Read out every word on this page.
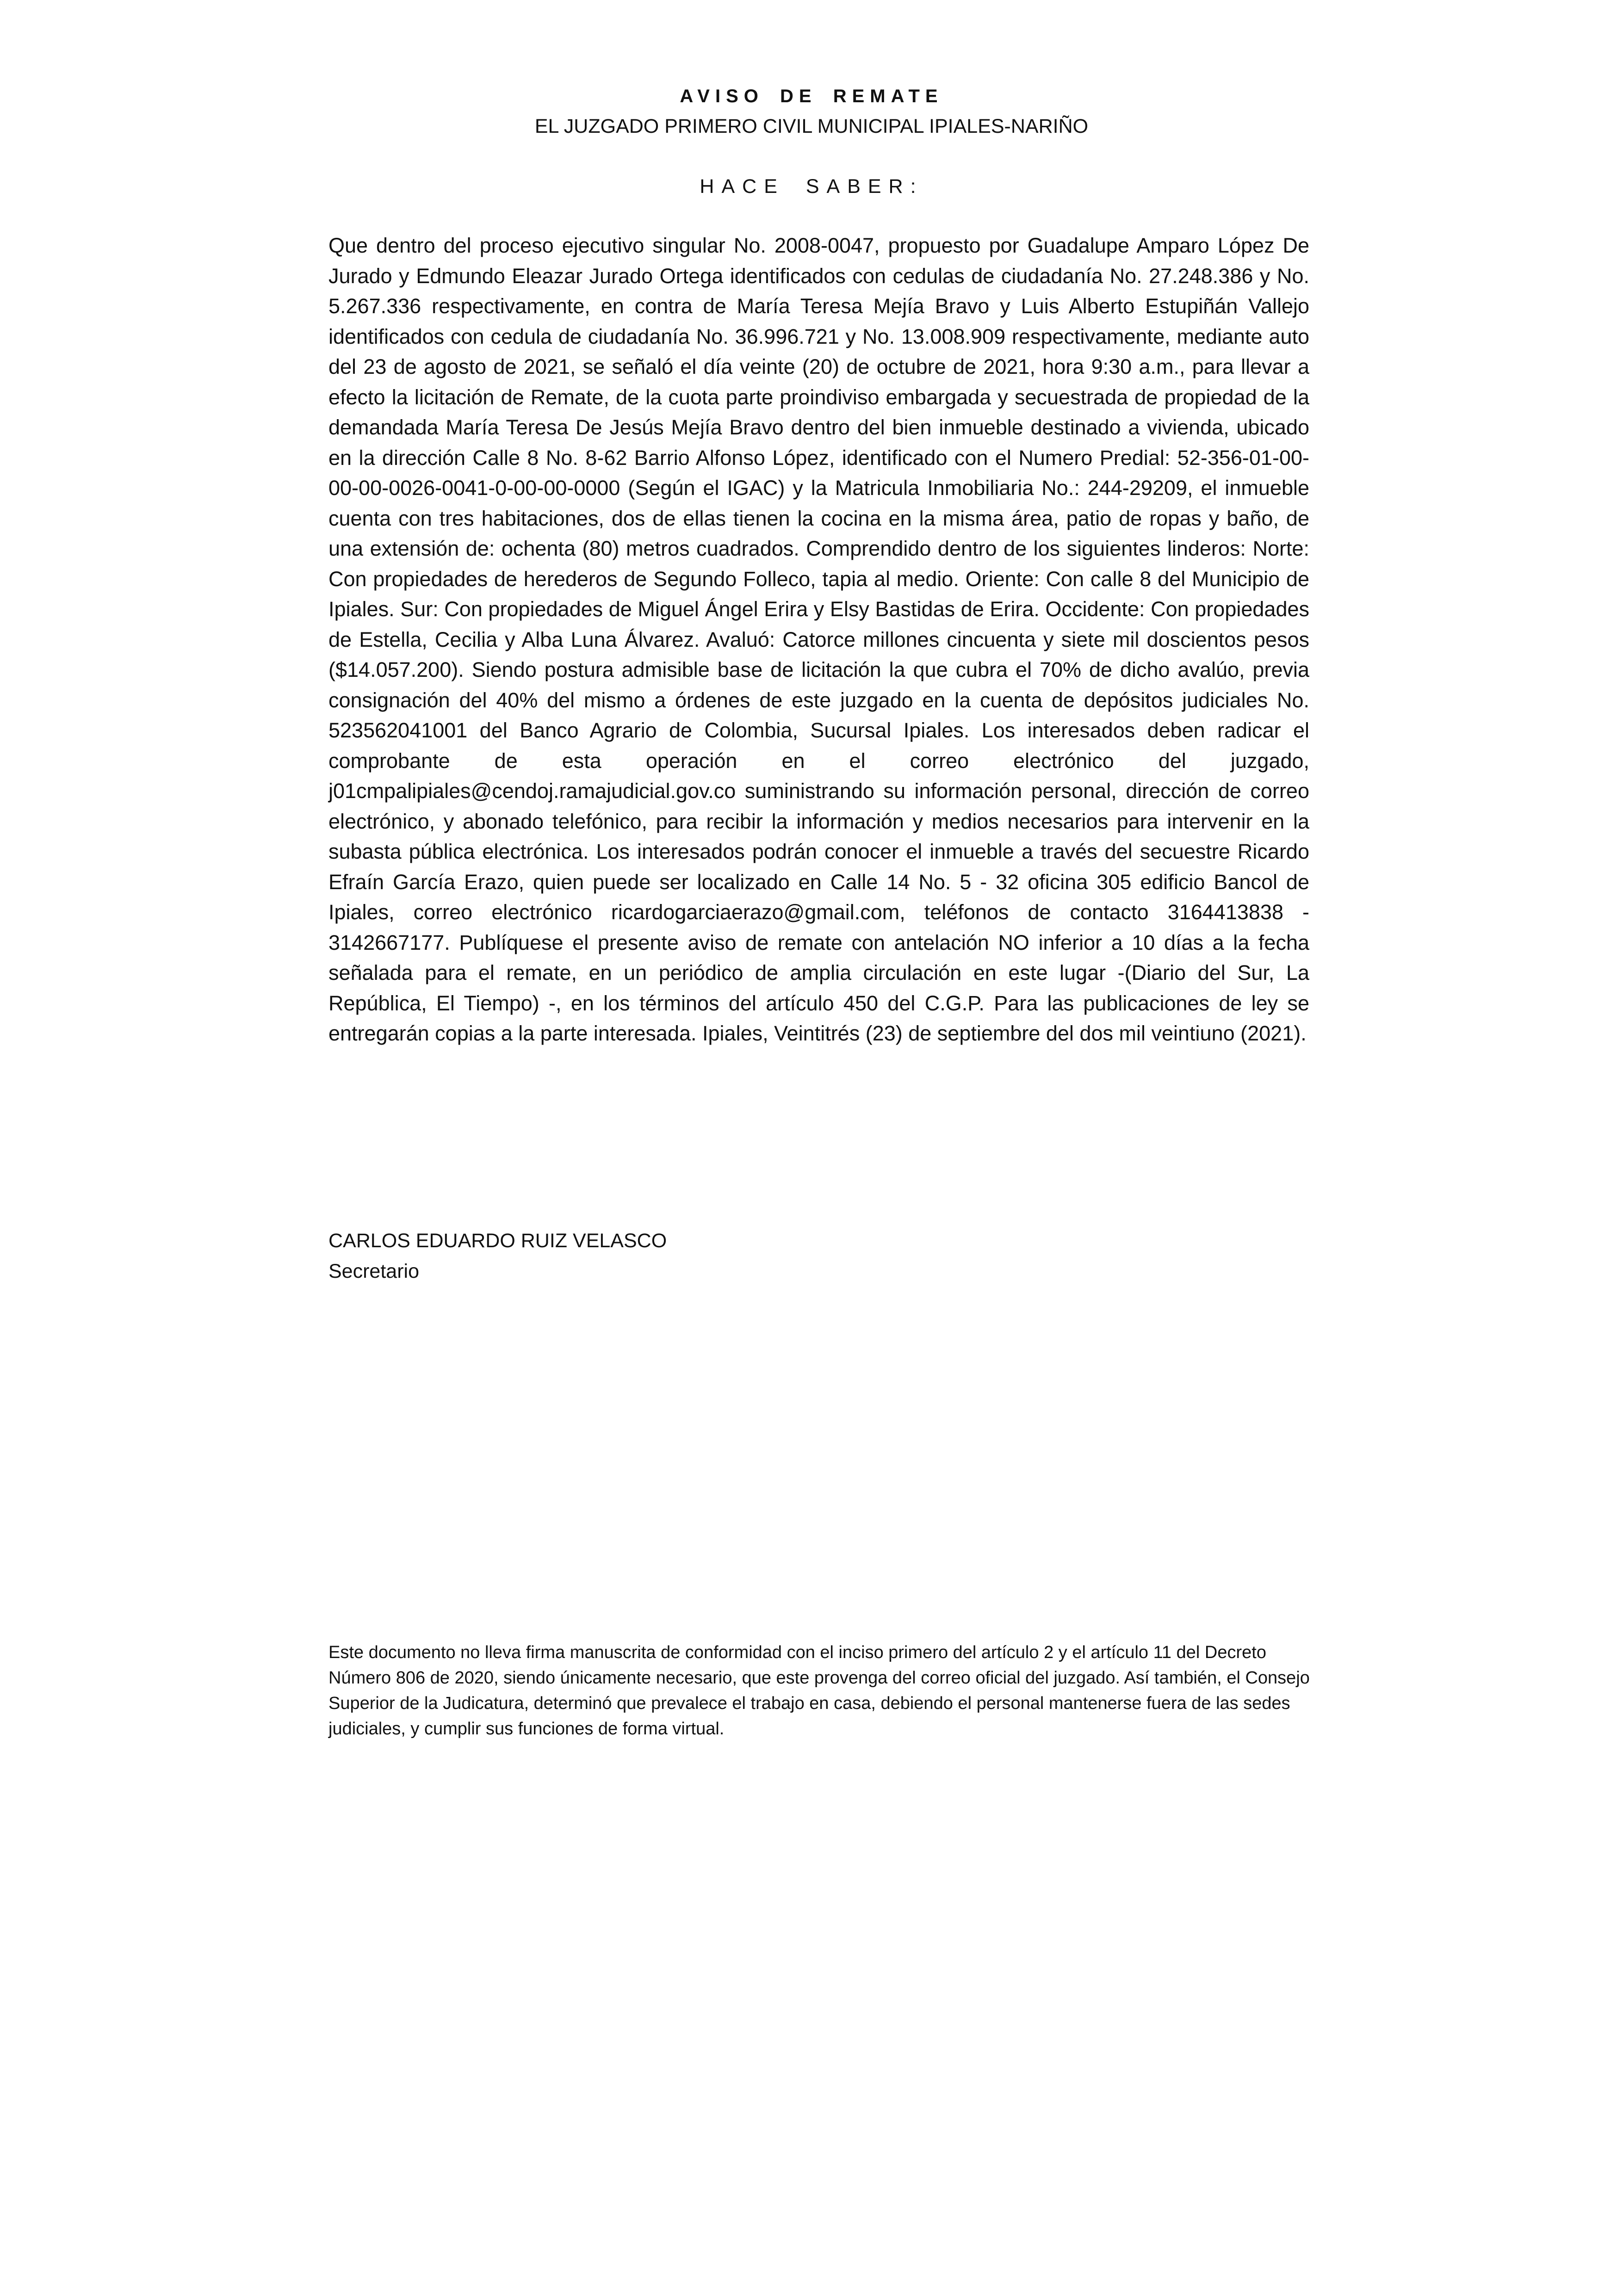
AVISO DE REMATE
EL JUZGADO PRIMERO CIVIL MUNICIPAL IPIALES-NARIÑO
HACE SABER:

Que dentro del proceso ejecutivo singular No. 2008-0047, propuesto por Guadalupe Amparo López De Jurado y Edmundo Eleazar Jurado Ortega identificados con cedulas de ciudadanía No. 27.248.386 y No. 5.267.336 respectivamente, en contra de María Teresa Mejía Bravo y Luis Alberto Estupiñán Vallejo identificados con cedula de ciudadanía No. 36.996.721 y No. 13.008.909 respectivamente, mediante auto del 23 de agosto de 2021, se señaló el día veinte (20) de octubre de 2021, hora 9:30 a.m., para llevar a efecto la licitación de Remate, de la cuota parte proindiviso embargada y secuestrada de propiedad de la demandada María Teresa De Jesús Mejía Bravo dentro del bien inmueble destinado a vivienda, ubicado en la dirección Calle 8 No. 8-62 Barrio Alfonso López, identificado con el Numero Predial: 52-356-01-00-00-00-0026-0041-0-00-00-0000 (Según el IGAC) y la Matricula Inmobiliaria No.: 244-29209, el inmueble cuenta con tres habitaciones, dos de ellas tienen la cocina en la misma área, patio de ropas y baño, de una extensión de: ochenta (80) metros cuadrados. Comprendido dentro de los siguientes linderos: Norte: Con propiedades de herederos de Segundo Folleco, tapia al medio. Oriente: Con calle 8 del Municipio de Ipiales. Sur: Con propiedades de Miguel Ángel Erira y Elsy Bastidas de Erira. Occidente: Con propiedades de Estella, Cecilia y Alba Luna Álvarez. Avaluó: Catorce millones cincuenta y siete mil doscientos pesos ($14.057.200). Siendo postura admisible base de licitación la que cubra el 70% de dicho avalúo, previa consignación del 40% del mismo a órdenes de este juzgado en la cuenta de depósitos judiciales No. 523562041001 del Banco Agrario de Colombia, Sucursal Ipiales. Los interesados deben radicar el comprobante de esta operación en el correo electrónico del juzgado, j01cmpalipiales@cendoj.ramajudicial.gov.co suministrando su información personal, dirección de correo electrónico, y abonado telefónico, para recibir la información y medios necesarios para intervenir en la subasta pública electrónica. Los interesados podrán conocer el inmueble a través del secuestre Ricardo Efraín García Erazo, quien puede ser localizado en Calle 14 No. 5 - 32 oficina 305 edificio Bancol de Ipiales, correo electrónico ricardogarciaerazo@gmail.com, teléfonos de contacto 3164413838 - 3142667177. Publíquese el presente aviso de remate con antelación NO inferior a 10 días a la fecha señalada para el remate, en un periódico de amplia circulación en este lugar -(Diario del Sur, La República, El Tiempo) -, en los términos del artículo 450 del C.G.P. Para las publicaciones de ley se entregarán copias a la parte interesada. Ipiales, Veintitrés (23) de septiembre del dos mil veintiuno (2021).

CARLOS EDUARDO RUIZ VELASCO
Secretario

Este documento no lleva firma manuscrita de conformidad con el inciso primero del artículo 2 y el artículo 11 del Decreto Número 806 de 2020, siendo únicamente necesario, que este provenga del correo oficial del juzgado. Así también, el Consejo Superior de la Judicatura, determinó que prevalece el trabajo en casa, debiendo el personal mantenerse fuera de las sedes judiciales, y cumplir sus funciones de forma virtual.
